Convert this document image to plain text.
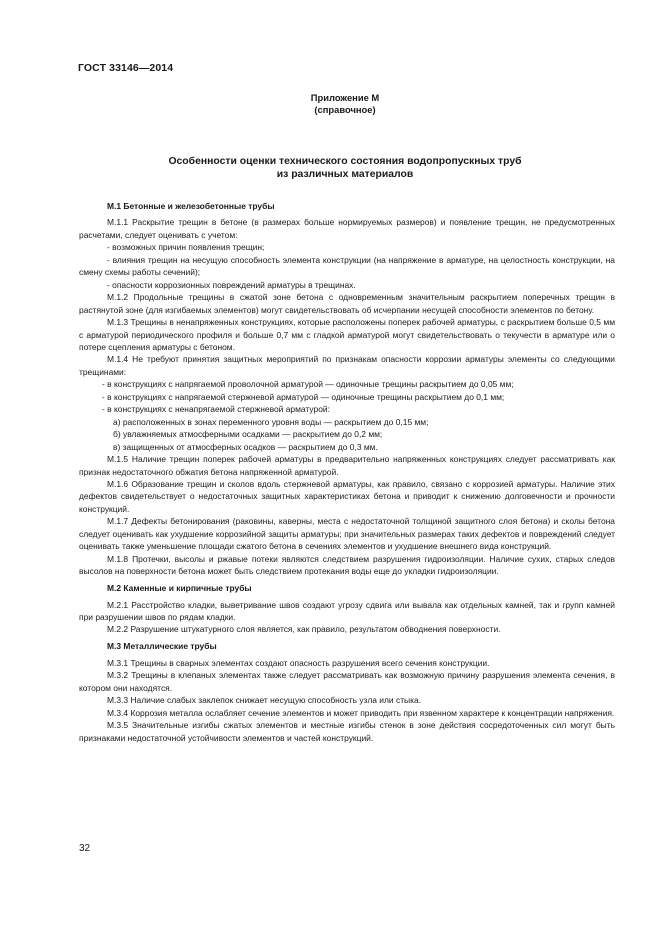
ГОСТ 33146—2014
Приложение М
(справочное)
Особенности оценки технического состояния водопропускных труб
из различных материалов

М.1 Бетонные и железобетонные трубы

М.1.1 Раскрытие трещин в бетоне (в размерах больше нормируемых размеров) и появление трещин, не предусмотренных расчетами, следует оценивать с учетом:

- возможных причин появления трещин;

- влияния трещин на несущую способность элемента конструкции (на напряжение в арматуре, на целостность конструкции, на смену схемы работы сечений);

- опасности коррозионных повреждений арматуры в трещинах.

М.1.2 Продольные трещины в сжатой зоне бетона с одновременным значительным раскрытием поперечных трещин в растянутой зоне (для изгибаемых элементов) могут свидетельствовать об исчерпании несущей способности элементов по бетону.

М.1.3 Трещины в ненапряженных конструкциях, которые расположены поперек рабочей арматуры, с раскрытием больше 0,5 мм с арматурой периодического профиля и больше 0,7 мм с гладкой арматурой могут свидетельствовать о текучести в арматуре или о потере сцепления арматуры с бетоном.

М.1.4 Не требуют принятия защитных мероприятий по признакам опасности коррозии арматуры элементы со следующими трещинами:

- в конструкциях с напрягаемой проволочной арматурой — одиночные трещины раскрытием до 0,05 мм;

- в конструкциях с напрягаемой стержневой арматурой — одиночные трещины раскрытием до 0,1 мм;

- в конструкциях с ненапрягаемой стержневой арматурой:

а) расположенных в зонах переменного уровня воды — раскрытием до 0,15 мм;

б) увлажняемых атмосферными осадками — раскрытием до 0,2 мм;

в) защищенных от атмосферных осадков — раскрытием до 0,3 мм.

М.1.5 Наличие трещин поперек рабочей арматуры в предварительно напряженных конструкциях следует рассматривать как признак недостаточного обжатия бетона напряженной арматурой.

М.1.6 Образование трещин и сколов вдоль стержневой арматуры, как правило, связано с коррозией арматуры. Наличие этих дефектов свидетельствует о недостаточных защитных характеристиках бетона и приводит к снижению долговечности и прочности конструкций.

М.1.7 Дефекты бетонирования (раковины, каверны, места с недостаточной толщиной защитного слоя бетона) и сколы бетона следует оценивать как ухудшение коррозийной защиты арматуры; при значительных размерах таких дефектов и повреждений следует оценивать также уменьшение площади сжатого бетона в сечениях элементов и ухудшение внешнего вида конструкций.

М.1.8 Протечки, высолы и ржавые потеки являются следствием разрушения гидроизоляции. Наличие сухих, старых следов высолов на поверхности бетона может быть следствием протекания воды еще до укладки гидроизоляции.

М.2 Каменные и кирпичные трубы

М.2.1 Расстройство кладки, выветривание швов создают угрозу сдвига или вывала как отдельных камней, так и групп камней при разрушении швов по рядам кладки.

М.2.2 Разрушение штукатурного слоя является, как правило, результатом обводнения поверхности.

М.3 Металлические трубы

М.3.1 Трещины в сварных элементах создают опасность разрушения всего сечения конструкции.

М.3.2 Трещины в клепаных элементах также следует рассматривать как возможную причину разрушения элемента сечения, в котором они находятся.

М.3.3 Наличие слабых заклепок снижает несущую способность узла или стыка.

М.3.4 Коррозия металла ослабляет сечение элементов и может приводить при язвенном характере к концентрации напряжения.

М.3.5 Значительные изгибы сжатых элементов и местные изгибы стенок в зоне действия сосредоточенных сил могут быть признаками недостаточной устойчивости элементов и частей конструкций.

32
